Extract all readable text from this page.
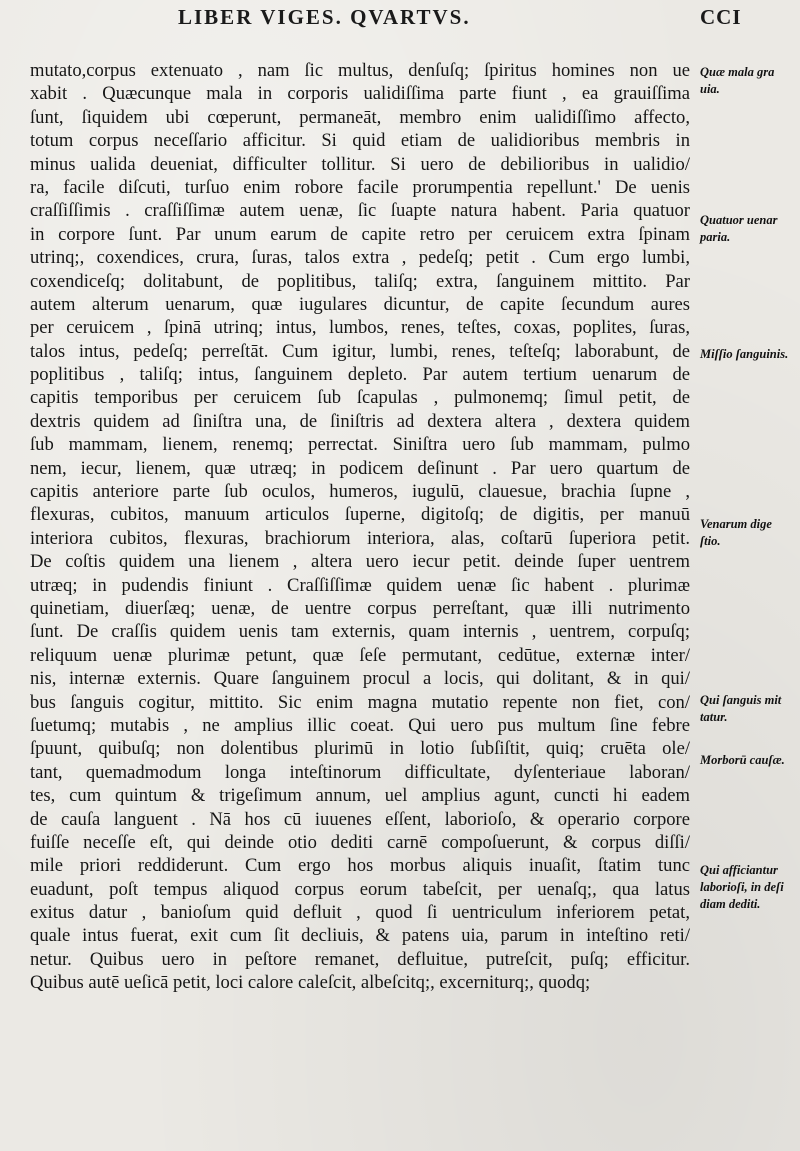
LIBER VIGES. QVARTVS.	CCI
mutato,corpus extenuato , nam ſic multus, denſuſq; ſpiritus homines non ue
xabit . Quæcunque mala in corporis ualidiſſima parte fiunt , ea grauiſſima
ſunt, ſiquidem ubi cœperunt, permaneāt, membro enim ualidiſſimo affecto,
totum corpus neceſſario afficitur. Si quid etiam de ualidioribus membris in
minus ualida deueniat, difficulter tollitur. Si uero de debilioribus in ualidio/
ra, facile diſcuti, turſuo enim robore facile prorumpentia repellunt.' De uenis
craſſiſſimis . craſſiſſimæ autem uenæ, ſic ſuapte natura habent. Paria quatuor
in corpore ſunt. Par unum earum de capite retro per ceruicem extra ſpinam
utrinq;, coxendices, crura, ſuras, talos extra , pedeſq; petit . Cum ergo lumbi,
coxendiceſq; dolitabunt, de poplitibus, taliſq; extra, ſanguinem mittito. Par
autem alterum uenarum, quæ iugulares dicuntur, de capite ſecundum aures
per ceruicem , ſpinā utrinq; intus, lumbos, renes, teſtes, coxas, poplites, ſuras,
talos intus, pedeſq; perreſtāt. Cum igitur, lumbi, renes, teſteſq; laborabunt, de
poplitibus , taliſq; intus, ſanguinem depleto. Par autem tertium uenarum de
capitis temporibus per ceruicem ſub ſcapulas , pulmonemq; ſimul petit, de
dextris quidem ad ſiniſtra una, de ſiniſtris ad dextera altera , dextera quidem
ſub mammam, lienem, renemq; perrectat. Siniſtra uero ſub mammam, pulmo
nem, iecur, lienem, quæ utræq; in podicem deſinunt . Par uero quartum de
capitis anteriore parte ſub oculos, humeros, iugulū, clauesue, brachia ſupne ,
flexuras, cubitos, manuum articulos ſuperne, digitoſq; de digitis, per manuū
interiora cubitos, flexuras, brachiorum interiora, alas, coſtarū ſuperiora petit.
De coſtis quidem una lienem , altera uero iecur petit. deinde ſuper uentrem
utræq; in pudendis finiunt . Craſſiſſimæ quidem uenæ ſic habent . plurimæ
quinetiam, diuerſæq; uenæ, de uentre corpus perreſtant, quæ illi nutrimento
ſunt. De craſſis quidem uenis tam externis, quam internis , uentrem, corpuſq;
reliquum uenæ plurimæ petunt, quæ ſeſe permutant, cedūtue, externæ inter/
nis, internæ externis. Quare ſanguinem procul a locis, qui dolitant, & in qui/
bus ſanguis cogitur, mittito. Sic enim magna mutatio repente non fiet, con/
ſuetumq; mutabis , ne amplius illic coeat. Qui uero pus multum ſine febre
ſpuunt, quibuſq; non dolentibus plurimū in lotio ſubſiſtit, quiq; cruēta ole/
tant, quemadmodum longa inteſtinorum difficultate, dyſenteriaue laboran/
tes, cum quintum & trigeſimum annum, uel amplius agunt, cuncti hi eadem
de cauſa languent . Nā hos cū iuuenes eſſent, laborioſo, & operario corpore
fuiſſe neceſſe eſt, qui deinde otio dediti carnē compoſuerunt, & corpus diſſi/
mile priori reddiderunt. Cum ergo hos morbus aliquis inuaſit, ſtatim tunc
euadunt, poſt tempus aliquod corpus eorum tabeſcit, per uenaſq;, qua latus
exitus datur , banioſum quid defluit , quod ſi uentriculum inferiorem petat,
quale intus fuerat, exit cum ſit decliuis, & patens uia, parum in inteſtino reti/
netur. Quibus uero in peſtore remanet, defluitue, putreſcit, puſq; efficitur.
Quibus autē ueſicā petit, loci calore caleſcit, albeſcitq;, excerniturq;, quodq;
Quæ mala gra
uia.
Quatuor uenar
paria.
Miſſio ſanguinis.
Venarum dige
ſtio.
Qui ſanguis mit
tatur.
Morborū cauſæ.
Qui afficiantur
laborioſi, in deſi
diam dediti.
